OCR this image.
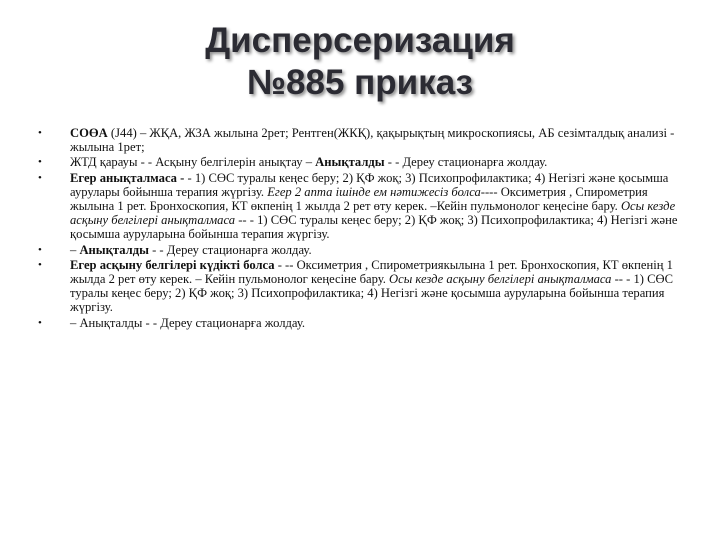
Дисперсеризация
№885 приказ
•	СОӨА (J44) – ЖҚА, ЖЗА жылына 2рет; Рентген(ЖКҚ), қақырықтың микроскопиясы, АБ сезімталдық анализі - жылына 1рет;
•	ЖТД қарауы - - Асқыну белгілерін анықтау – Анықталды - - Дереу стационарға жолдау.
•	Егер анықталмаса - - 1) СӨС туралы кеңес беру; 2) ҚФ жоқ; 3) Психопрофилактика; 4) Негізгі және қосымша аурулары бойынша терапия жүргізу. Егер 2 апта ішінде ем нәтижесіз болса---- Оксиметрия , Спирометрия жылына 1 рет. Бронхоскопия, КТ өкпенің 1 жылда 2 рет өту керек. –Кейін пульмонолог кеңесіне бару. Осы кезде асқыну белгілері анықталмаса -- - 1) СӨС туралы кеңес беру; 2) ҚФ жоқ; 3) Психопрофилактика; 4) Негізгі және қосымша ауруларына бойынша терапия жүргізу.
•	– Анықталды - - Дереу стационарға жолдау.
•	Егер асқыну белгілері күдікті болса - -- Оксиметрия , Спирометриякылына 1 рет. Бронхоскопия, КТ өкпенің 1 жылда 2 рет өту керек. – Кейін пульмонолог кеңесіне бару. Осы кезде асқыну белгілері анықталмаса -- - 1) СӨС туралы кеңес беру; 2) ҚФ жоқ; 3) Психопрофилактика; 4) Негізгі және қосымша ауруларына бойынша терапия жүргізу.
•	– Анықталды - - Дереу стационарға жолдау.
